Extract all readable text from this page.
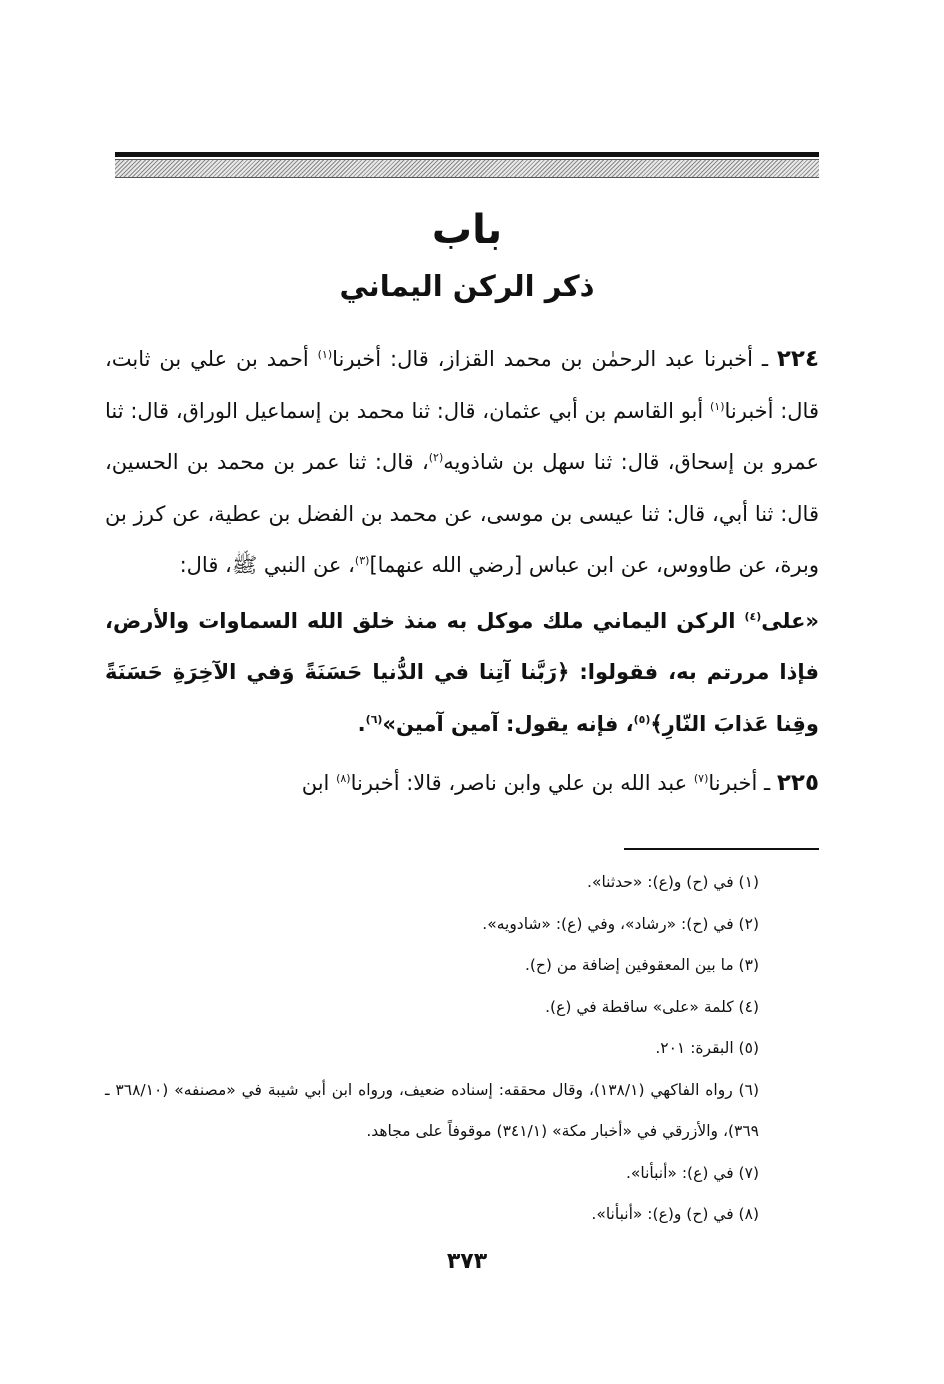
باب
ذكر الركن اليماني

٢٢٤ ـ أخبرنا عبد الرحمٰن بن محمد القزاز، قال: أخبرنا$^{(١)}$ أحمد بن علي بن ثابت، قال: أخبرنا$^{(١)}$ أبو القاسم بن أبي عثمان، قال: ثنا محمد بن إسماعيل الوراق، قال: ثنا عمرو بن إسحاق، قال: ثنا سهل بن شاذويه$^{(٢)}$، قال: ثنا عمر بن محمد بن الحسين، قال: ثنا أبي، قال: ثنا عيسى بن موسى، عن محمد بن الفضل بن عطية، عن كرز بن وبرة، عن طاووس، عن ابن عباس [رضي الله عنهما]$^{(٣)}$، عن النبي ﷺ، قال:

«على$^{(٤)}$ الركن اليماني ملك موكل به منذ خلق الله السماوات والأرض، فإذا مررتم به، فقولوا: ﴿رَبَّنا آتِنا في الدُّنيا حَسَنَةً وَفي الآخِرَةِ حَسَنَةً وقِنا عَذابَ النّارِ﴾$^{(٥)}$، فإنه يقول: آمين آمين»$^{(٦)}$.

٢٢٥ ـ أخبرنا$^{(٧)}$ عبد الله بن علي وابن ناصر، قالا: أخبرنا$^{(٨)}$ ابن

(١) في (ح) و(ع): «حدثنا».

(٢) في (ح): «رشاد»، وفي (ع): «شادويه».

(٣) ما بين المعقوفين إضافة من (ح).

(٤) كلمة «على» ساقطة في (ع).

(٥) البقرة: ٢٠١.

(٦) رواه الفاكهي (١٣٨/١)، وقال محققه: إسناده ضعيف، ورواه ابن أبي شيبة في «مصنفه» (٣٦٨/١٠ ـ ٣٦٩)، والأزرقي في «أخبار مكة» (٣٤١/١) موقوفاً على مجاهد.

(٧) في (ع): «أنبأنا».

(٨) في (ح) و(ع): «أنبأنا».

٣٧٣
